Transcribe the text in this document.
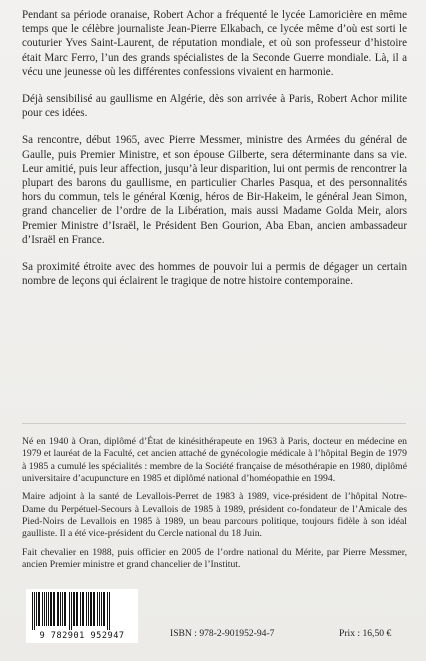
Pendant sa période oranaise, Robert Achor a fréquenté le lycée Lamoricière en même temps que le célèbre journaliste Jean-Pierre Elkabach, ce lycée même d’où est sorti le couturier Yves Saint-Laurent, de réputation mondiale, et où son professeur d’histoire était Marc Ferro, l’un des grands spécialistes de la Seconde Guerre mondiale. Là, il a vécu une jeunesse où les différentes confessions vivaient en harmonie.

Déjà sensibilisé au gaullisme en Algérie, dès son arrivée à Paris, Robert Achor milite pour ces idées.

Sa rencontre, début 1965, avec Pierre Messmer, ministre des Armées du général de Gaulle, puis Premier Ministre, et son épouse Gilberte, sera déterminante dans sa vie. Leur amitié, puis leur affection, jusqu’à leur disparition, lui ont permis de rencontrer la plupart des barons du gaullisme, en particulier Charles Pasqua, et des personnalités hors du commun, tels le général Kœnig, héros de Bir-Hakeim, le général Jean Simon, grand chancelier de l’ordre de la Libération, mais aussi Madame Golda Meir, alors Premier Ministre d’Israël, le Président Ben Gourion, Aba Eban, ancien ambassadeur d’Israël en France.

Sa proximité étroite avec des hommes de pouvoir lui a permis de dégager un certain nombre de leçons qui éclairent le tragique de notre histoire contemporaine.

Né en 1940 à Oran, diplômé d’État de kinésithérapeute en 1963 à Paris, docteur en médecine en 1979 et lauréat de la Faculté, cet ancien attaché de gynécologie médicale à l’hôpital Begin de 1979 à 1985 a cumulé les spécialités : membre de la Société française de mésothérapie en 1980, diplômé universitaire d’acupuncture en 1985 et diplômé national d’homéopathie en 1994.

Maire adjoint à la santé de Levallois-Perret de 1983 à 1989, vice-président de l’hôpital Notre-Dame du Perpétuel-Secours à Levallois de 1985 à 1989, président co-fondateur de l’Amicale des Pied-Noirs de Levallois en 1985 à 1989, un beau parcours politique, toujours fidèle à son idéal gaulliste. Il a été vice-président du Cercle national du 18 Juin.

Fait chevalier en 1988, puis officier en 2005 de l’ordre national du Mérite, par Pierre Messmer, ancien Premier ministre et grand chancelier de l’Institut.

9 782901 952947	ISBN : 978-2-901952-94-7	Prix : 16,50 €
